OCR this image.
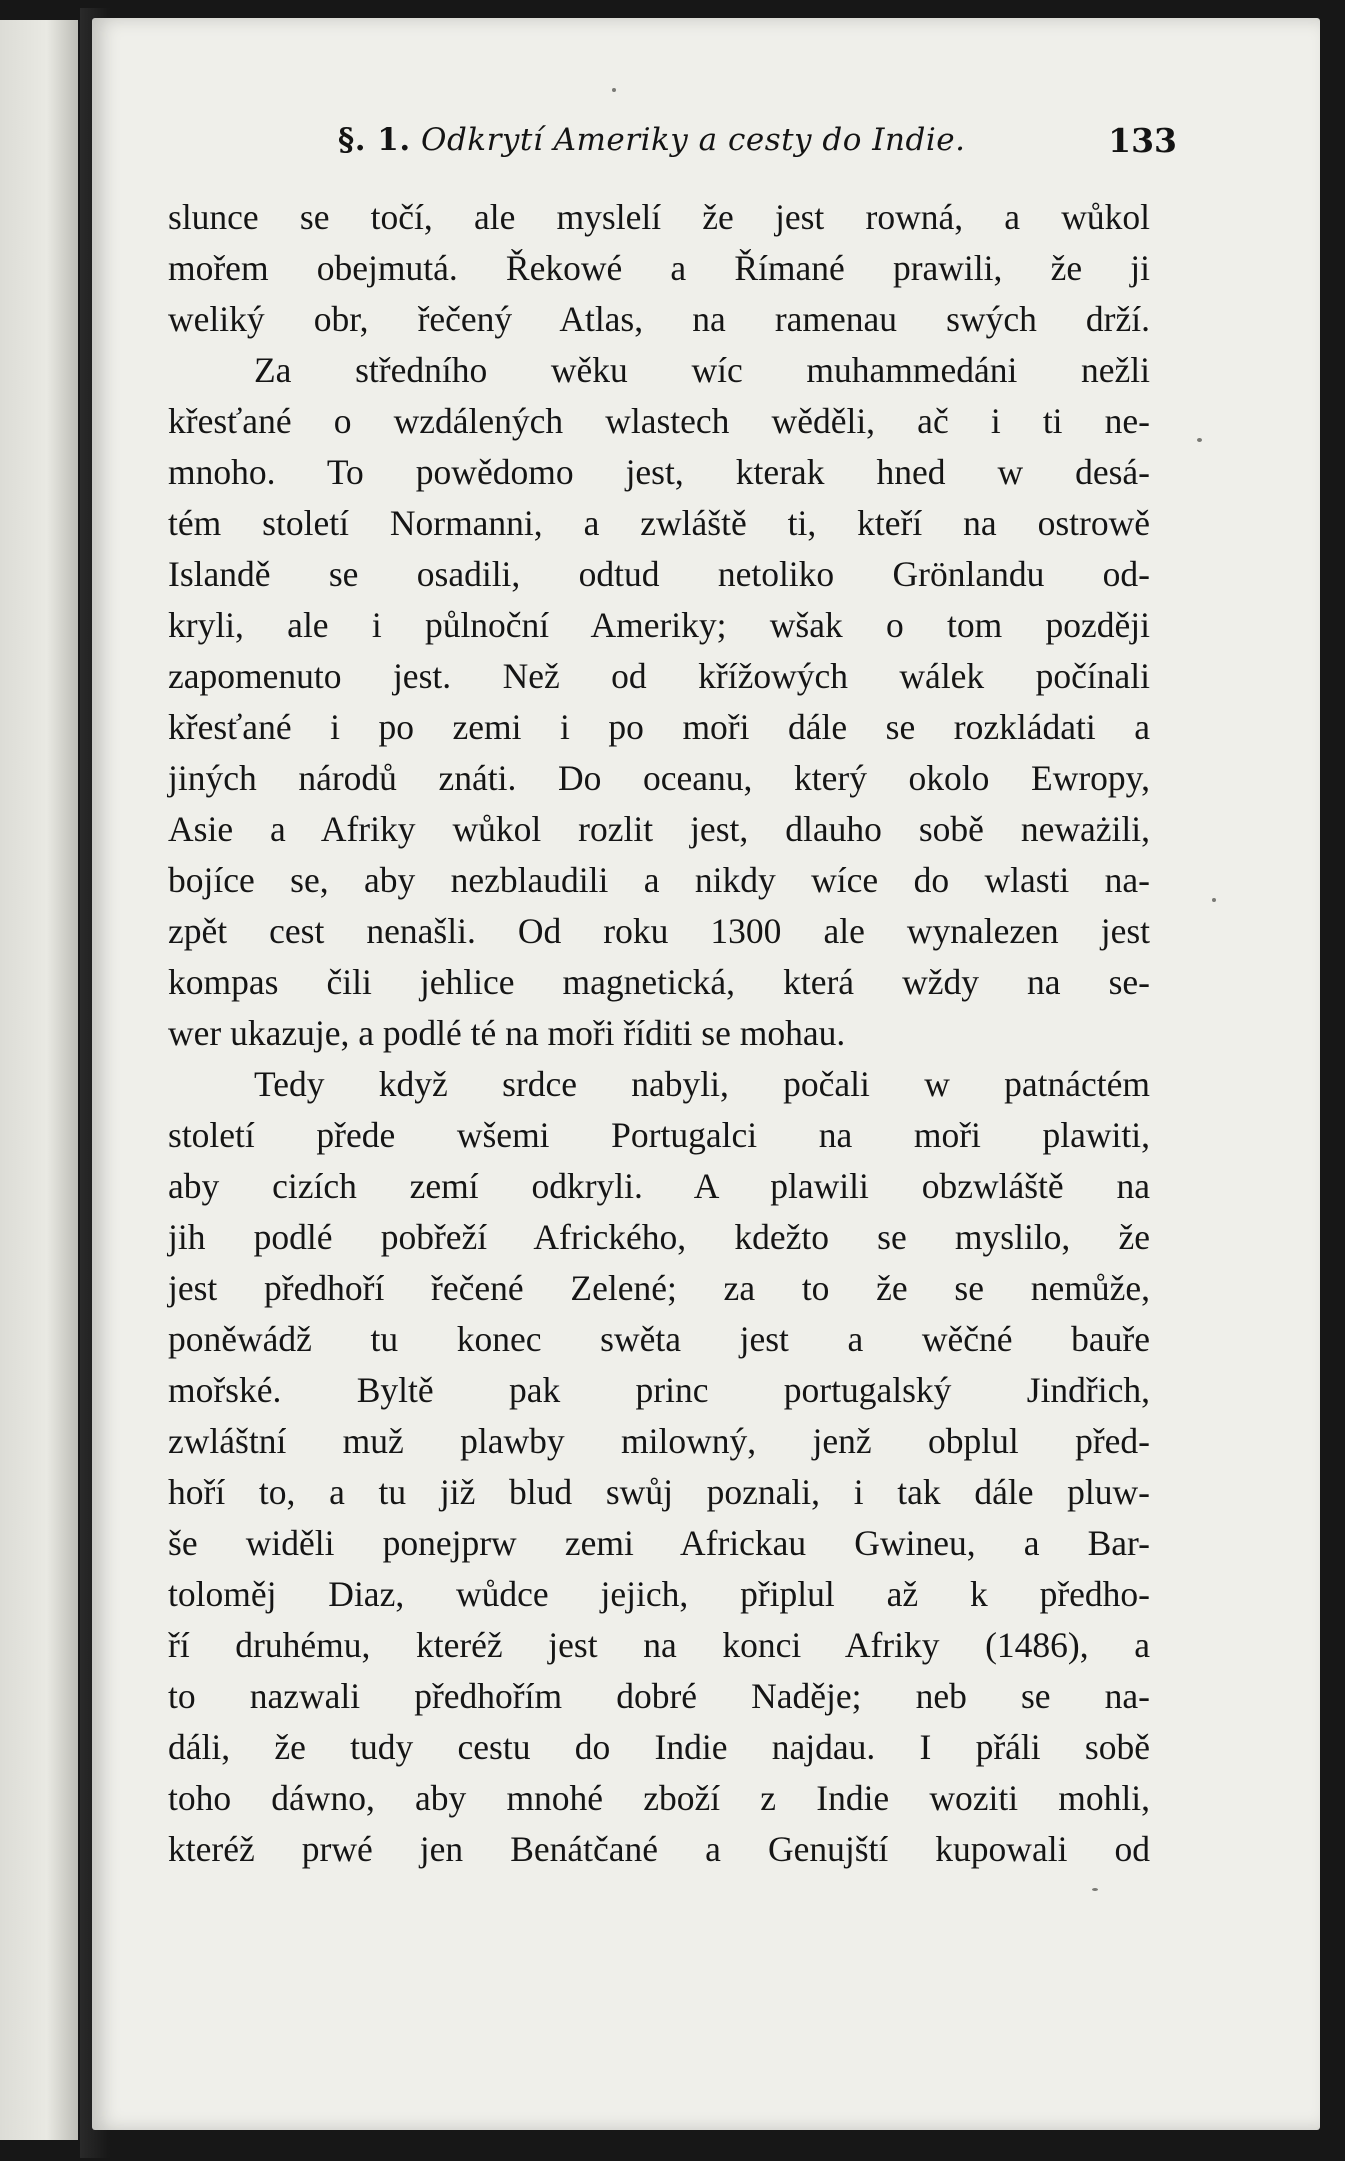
§. 1. Odkrytí Ameriky a cesty do Indie.	133
slunce se točí, ale myslelí že jest rowná, a wůkol
mořem obejmutá. Řekowé a Římané prawili, že ji
weliký obr, řečený Atlas, na ramenau swých drží.
Za středního wěku wíc muhammedáni nežli
křesťané o wzdálených wlastech wěděli, ač i ti ne-
mnoho. To powědomo jest, kterak hned w desá-
tém století Normanni, a zwláště ti, kteří na ostrowě
Islandě se osadili, odtud netoliko Grönlandu od-
kryli, ale i půlnoční Ameriky; wšak o tom později
zapomenuto jest. Než od křížowých wálek počínali
křesťané i po zemi i po moři dále se rozkládati a
jiných národů znáti. Do oceanu, který okolo Ewropy,
Asie a Afriky wůkol rozlit jest, dlauho sobě neważili,
bojíce se, aby nezblaudili a nikdy wíce do wlasti na-
zpět cest nenašli. Od roku 1300 ale wynalezen jest
kompas čili jehlice magnetická, která wždy na se-
wer ukazuje, a podlé té na moři říditi se mohau.
Tedy když srdce nabyli, počali w patnáctém
století přede wšemi Portugalci na moři plawiti,
aby cizích zemí odkryli. A plawili obzwláště na
jih podlé pobřeží Afrického, kdežto se myslilo, že
jest předhoří řečené Zelené; za to že se nemůže,
poněwádž tu konec swěta jest a wěčné bauře
mořské. Byltě pak princ portugalský Jindřich,
zwláštní muž plawby milowný, jenž obplul před-
hoří to, a tu již blud swůj poznali, i tak dále pluw-
še widěli ponejprw zemi Africkau Gwineu, a Bar-
toloměj Diaz, wůdce jejich, připlul až k předho-
ří druhému, kteréž jest na konci Afriky (1486), a
to nazwali předhořím dobré Naděje; neb se na-
dáli, že tudy cestu do Indie najdau. I přáli sobě
toho dáwno, aby mnohé zboží z Indie woziti mohli,
kteréž prwé jen Benátčané a Genujští kupowali od
